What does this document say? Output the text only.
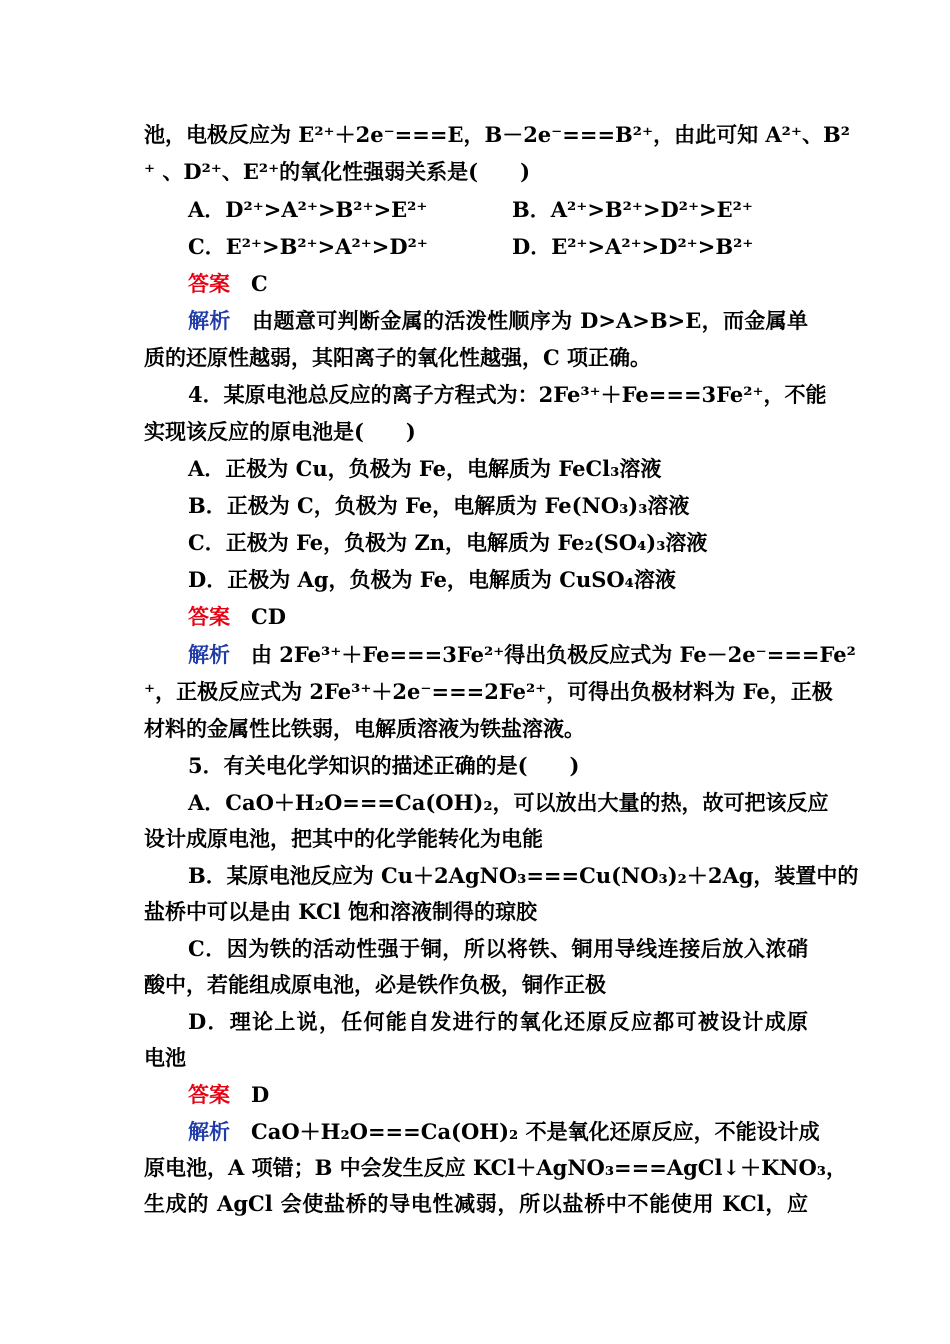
池，电极反应为 E²⁺＋2e⁻===E，B－2e⁻===B²⁺，由此可知 A²⁺、B²
⁺ 、D²⁺、E²⁺的氧化性强弱关系是(　　)
A．D²⁺>A²⁺>B²⁺>E²⁺	B．A²⁺>B²⁺>D²⁺>E²⁺
C．E²⁺>B²⁺>A²⁺>D²⁺	D．E²⁺>A²⁺>D²⁺>B²⁺
答案　 C
解析　 由题意可判断金属的活泼性顺序为 D>A>B>E，而金属单
质的还原性越弱，其阳离子的氧化性越强，C 项正确。
4．某原电池总反应的离子方程式为：2Fe³⁺＋Fe===3Fe²⁺，不能
实现该反应的原电池是(　　)
A．正极为 Cu，负极为 Fe，电解质为 FeCl₃溶液
B．正极为 C，负极为 Fe，电解质为 Fe(NO₃)₃溶液
C．正极为 Fe，负极为 Zn，电解质为 Fe₂(SO₄)₃溶液
D．正极为 Ag，负极为 Fe，电解质为 CuSO₄溶液
答案　 CD
解析　 由 2Fe³⁺＋Fe===3Fe²⁺得出负极反应式为 Fe－2e⁻===Fe²
⁺，正极反应式为 2Fe³⁺＋2e⁻===2Fe²⁺，可得出负极材料为 Fe，正极
材料的金属性比铁弱，电解质溶液为铁盐溶液。
5．有关电化学知识的描述正确的是(　　)
A．CaO＋H₂O===Ca(OH)₂，可以放出大量的热，故可把该反应
设计成原电池，把其中的化学能转化为电能
B．某原电池反应为 Cu＋2AgNO₃===Cu(NO₃)₂＋2Ag，装置中的
盐桥中可以是由 KCl 饱和溶液制得的琼胶
C．因为铁的活动性强于铜，所以将铁、铜用导线连接后放入浓硝
酸中，若能组成原电池，必是铁作负极，铜作正极
D．理论上说，任何能自发进行的氧化还原反应都可被设计成原
电池
答案　 D
解析　 CaO＋H₂O===Ca(OH)₂ 不是氧化还原反应，不能设计成
原电池，A 项错；B 中会发生反应 KCl＋AgNO₃===AgCl↓＋KNO₃，
生成的 AgCl 会使盐桥的导电性减弱，所以盐桥中不能使用 KCl，应
